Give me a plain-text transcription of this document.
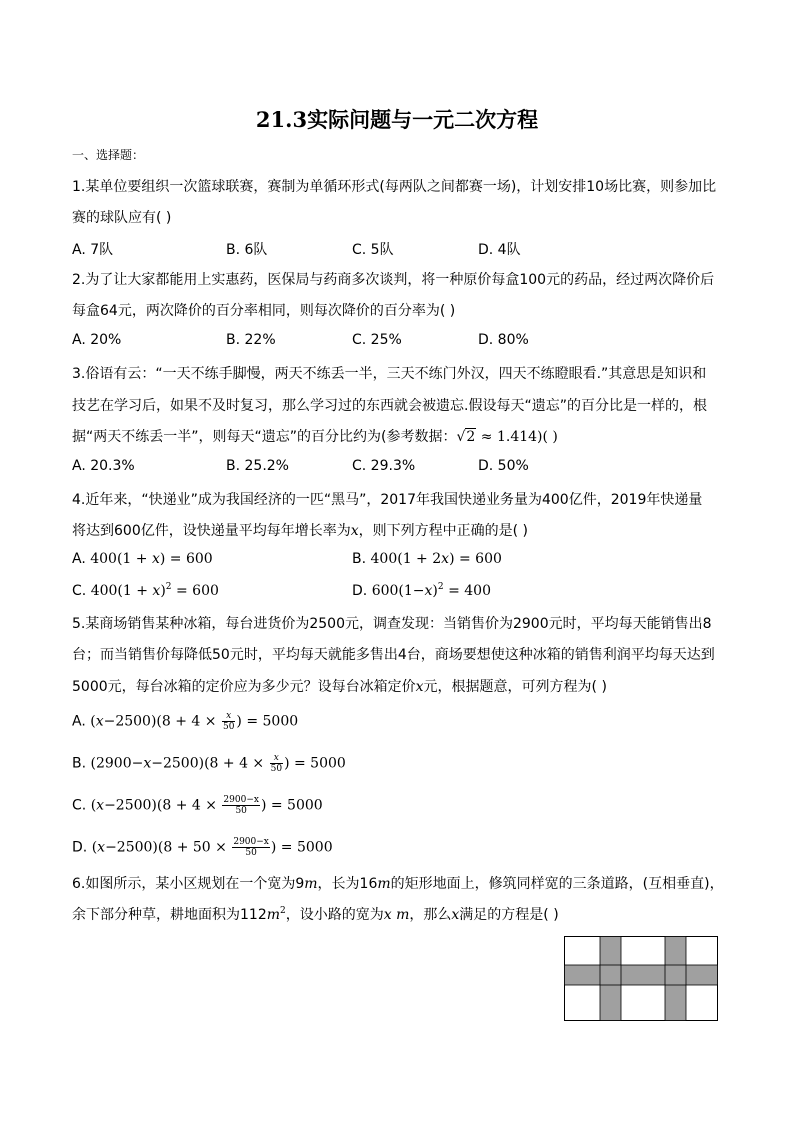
21.3实际问题与一元二次方程
一、选择题：
1.某单位要组织一次篮球联赛，赛制为单循环形式(每两队之间都赛一场)，计划安排10场比赛，则参加比
赛的球队应有( )
A. 7队	B. 6队	C. 5队	D. 4队
2.为了让大家都能用上实惠药，医保局与药商多次谈判，将一种原价每盒100元的药品，经过两次降价后
每盒64元，两次降价的百分率相同，则每次降价的百分率为( )
A. 20%	B. 22%	C. 25%	D. 80%
3.俗语有云：“一天不练手脚慢，两天不练丢一半，三天不练门外汉，四天不练瞪眼看.”其意思是知识和
技艺在学习后，如果不及时复习，那么学习过的东西就会被遗忘.假设每天“遗忘”的百分比是一样的，根
据“两天不练丢一半”，则每天“遗忘”的百分比约为(参考数据：√2 ≈ 1.414)( )
A. 20.3%	B. 25.2%	C. 29.3%	D. 50%
4.近年来，“快递业”成为我国经济的一匹“黑马”，2017年我国快递业务量为400亿件，2019年快递量
将达到600亿件，设快递量平均每年增长率为x，则下列方程中正确的是( )
A. 400(1 + x) = 600	B. 400(1 + 2x) = 600
C. $400(1 + x)^2 = 600$	D. $600(1-x)^2 = 400$
5.某商场销售某种冰箱，每台进货价为2500元，调查发现：当销售价为2900元时，平均每天能销售出8
台；而当销售价每降低50元时，平均每天就能多售出4台，商场要想使这种冰箱的销售利润平均每天达到
5000元，每台冰箱的定价应为多少元？设每台冰箱定价x元，根据题意，可列方程为( )
A. $(x-2500)(8 + 4 \times \frac{x}{50}$ ) = 5000
B. $(2900-x-2500)(8 + 4 \times \frac{x}{50}$ ) = 5000
C. $(x-2500)(8 + 4 \times \frac{2900-x}{50}$ ) = 5000
D. $(x-2500)(8 + 50 \times \frac{2900-x}{50}$ ) = 5000
6.如图所示，某小区规划在一个宽为9m，长为16m的矩形地面上，修筑同样宽的三条道路，(互相垂直)，
余下部分种草，耕地面积为$112m^2$，设小路的宽为x m，那么x满足的方程是( )
